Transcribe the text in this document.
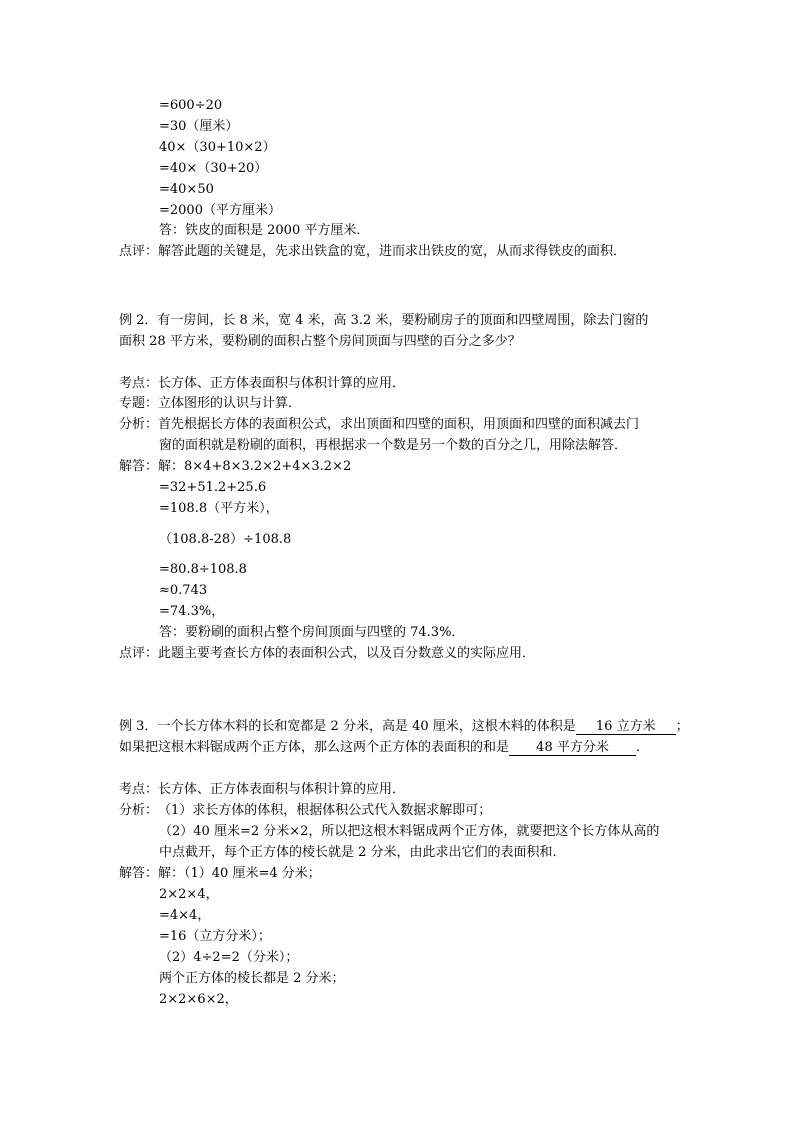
=600÷20
=30（厘米）
40×（30+10×2）
=40×（30+20）
=40×50
=2000（平方厘米）
答：铁皮的面积是 2000 平方厘米．
点评：解答此题的关键是，先求出铁盒的宽，进而求出铁皮的宽，从而求得铁皮的面积．
例 2．有一房间，长 8 米，宽 4 米，高 3.2 米，要粉刷房子的顶面和四壁周围，除去门窗的
面积 28 平方米，要粉刷的面积占整个房间顶面与四壁的百分之多少？
考点：长方体、正方体表面积与体积计算的应用．
专题：立体图形的认识与计算．
分析：首先根据长方体的表面积公式，求出顶面和四壁的面积，用顶面和四壁的面积减去门
窗的面积就是粉刷的面积，再根据求一个数是另一个数的百分之几，用除法解答．
解答：解：8×4+8×3.2×2+4×3.2×2
=32+51.2+25.6
=108.8（平方米），
（108.8-28）÷108.8
=80.8÷108.8
≈0.743
=74.3%，
答：要粉刷的面积占整个房间顶面与四壁的 74.3%．
点评：此题主要考查长方体的表面积公式，以及百分数意义的实际应用．
例 3．一个长方体木料的长和宽都是 2 分米，高是 40 厘米，这根木料的体积是 16 立方米 ；
如果把这根木料锯成两个正方体，那么这两个正方体的表面积的和是 48 平方分米 ．
考点：长方体、正方体表面积与体积计算的应用．
分析：（1）求长方体的体积，根据体积公式代入数据求解即可；
（2）40 厘米=2 分米×2，所以把这根木料锯成两个正方体，就要把这个长方体从高的
中点截开，每个正方体的棱长就是 2 分米，由此求出它们的表面积和．
解答：解：（1）40 厘米=4 分米；
2×2×4，
=4×4，
=16（立方分米）；
（2）4÷2=2（分米）；
两个正方体的棱长都是 2 分米；
2×2×6×2，
